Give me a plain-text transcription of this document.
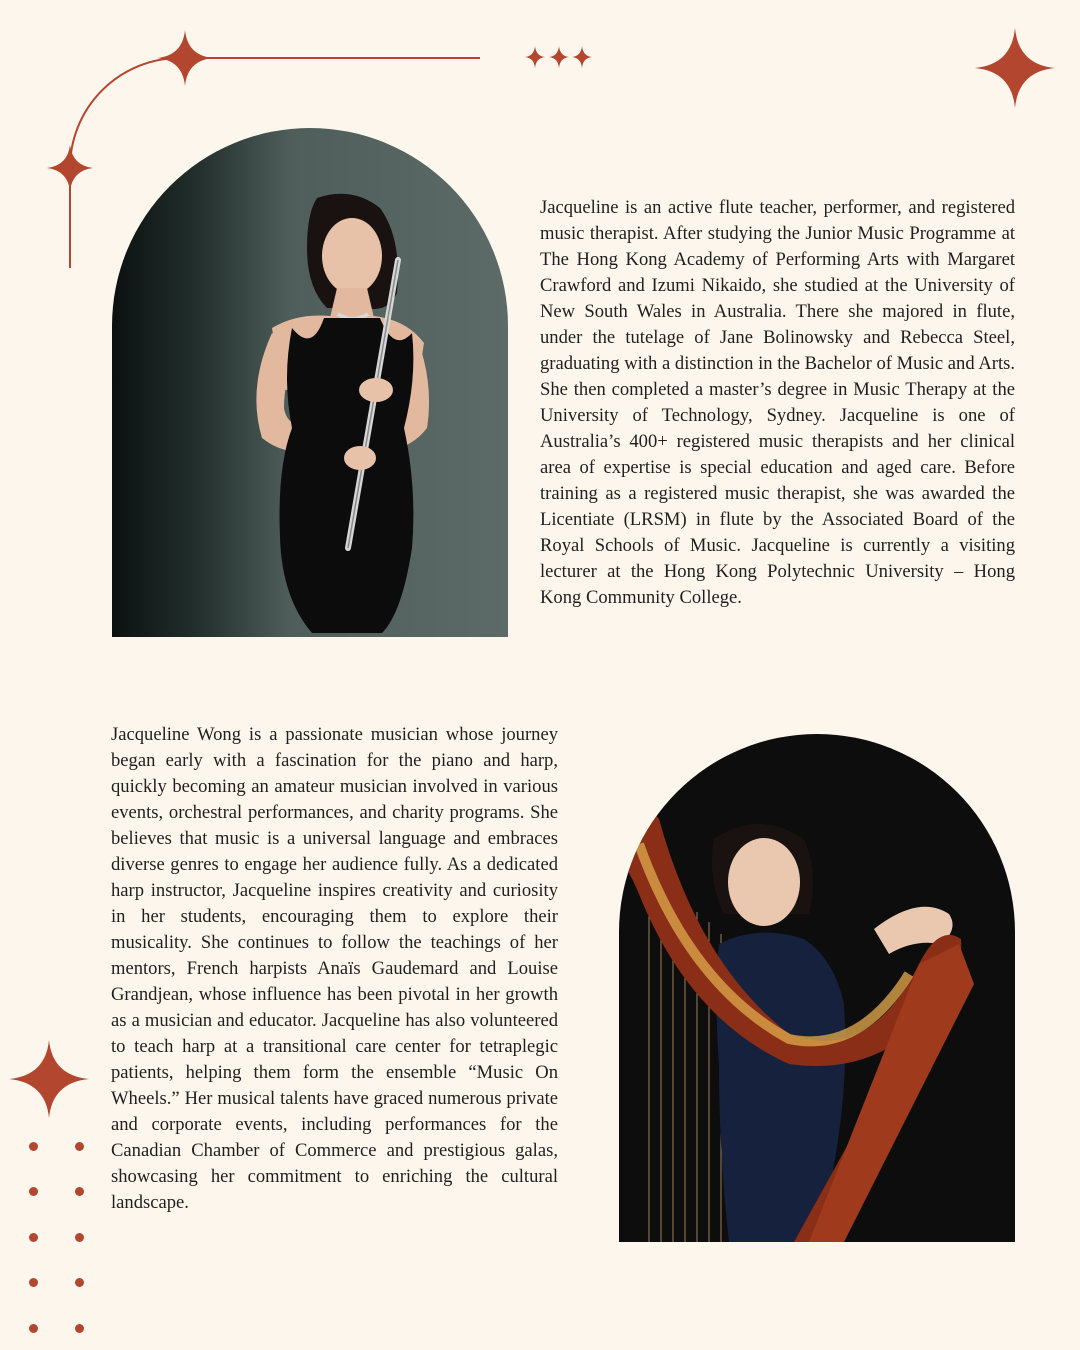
Jacqueline is an active flute teacher, performer, and registered music therapist. After studying the Junior Music Programme at The Hong Kong Academy of Performing Arts with Margaret Crawford and Izumi Nikaido, she studied at the University of New South Wales in Australia. There she majored in flute, under the tutelage of Jane Bolinowsky and Rebecca Steel, graduating with a distinction in the Bachelor of Music and Arts. She then completed a master’s degree in Music Therapy at the University of Technology, Sydney. Jacqueline is one of Australia’s 400+ registered music therapists and her clinical area of expertise is special education and aged care. Before training as a registered music therapist, she was awarded the Licentiate (LRSM) in flute by the Associated Board of the Royal Schools of Music. Jacqueline is currently a visiting lecturer at the Hong Kong Polytechnic University – Hong Kong Community College.

Jacqueline Wong is a passionate musician whose journey began early with a fascination for the piano and harp, quickly becoming an amateur musician involved in various events, orchestral performances, and charity programs. She believes that music is a universal language and embraces diverse genres to engage her audience fully. As a dedicated harp instructor, Jacqueline inspires creativity and curiosity in her students, encouraging them to explore their musicality. She continues to follow the teachings of her mentors, French harpists Anaïs Gaudemard and Louise Grandjean, whose influence has been pivotal in her growth as a musician and educator. Jacqueline has also volunteered to teach harp at a transitional care center for tetraplegic patients, helping them form the ensemble “Music On Wheels.” Her musical talents have graced numerous private and corporate events, including performances for the Canadian Chamber of Commerce and prestigious galas, showcasing her commitment to enriching the cultural landscape.
